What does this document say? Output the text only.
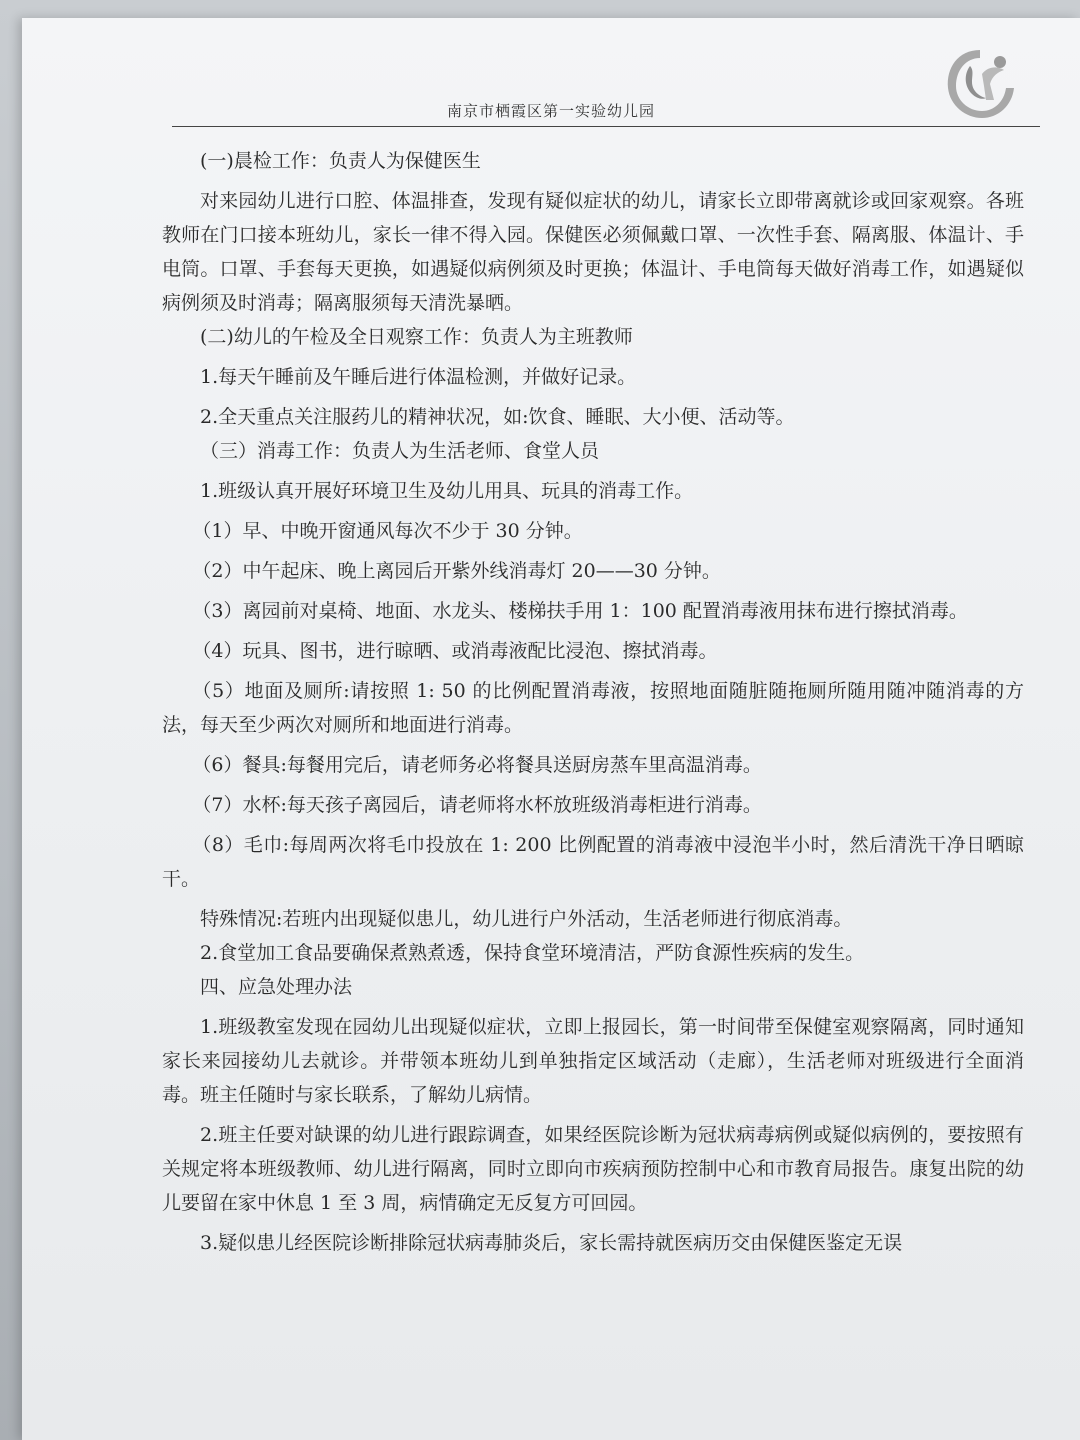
南京市栖霞区第一实验幼儿园

(一)晨检工作：负责人为保健医生

对来园幼儿进行口腔、体温排查，发现有疑似症状的幼儿，请家长立即带离就诊或回家观察。各班教师在门口接本班幼儿，家长一律不得入园。保健医必须佩戴口罩、一次性手套、隔离服、体温计、手电筒。口罩、手套每天更换，如遇疑似病例须及时更换；体温计、手电筒每天做好消毒工作，如遇疑似病例须及时消毒；隔离服须每天清洗暴晒。

(二)幼儿的午检及全日观察工作：负责人为主班教师

1.每天午睡前及午睡后进行体温检测，并做好记录。

2.全天重点关注服药儿的精神状况，如:饮食、睡眠、大小便、活动等。

（三）消毒工作：负责人为生活老师、食堂人员

1.班级认真开展好环境卫生及幼儿用具、玩具的消毒工作。

（1）早、中晚开窗通风每次不少于 30 分钟。

（2）中午起床、晚上离园后开紫外线消毒灯 20——30 分钟。

（3）离园前对桌椅、地面、水龙头、楼梯扶手用 1：100 配置消毒液用抹布进行擦拭消毒。

（4）玩具、图书，进行晾晒、或消毒液配比浸泡、擦拭消毒。

（5）地面及厕所:请按照 1: 50 的比例配置消毒液，按照地面随脏随拖厕所随用随冲随消毒的方法，每天至少两次对厕所和地面进行消毒。

（6）餐具:每餐用完后，请老师务必将餐具送厨房蒸车里高温消毒。

（7）水杯:每天孩子离园后，请老师将水杯放班级消毒柜进行消毒。

（8）毛巾:每周两次将毛巾投放在 1: 200 比例配置的消毒液中浸泡半小时，然后清洗干净日晒晾干。

特殊情况:若班内出现疑似患儿，幼儿进行户外活动，生活老师进行彻底消毒。

2.食堂加工食品要确保煮熟煮透，保持食堂环境清洁，严防食源性疾病的发生。

四、应急处理办法

1.班级教室发现在园幼儿出现疑似症状，立即上报园长，第一时间带至保健室观察隔离，同时通知家长来园接幼儿去就诊。并带领本班幼儿到单独指定区域活动（走廊），生活老师对班级进行全面消毒。班主任随时与家长联系，了解幼儿病情。

2.班主任要对缺课的幼儿进行跟踪调查，如果经医院诊断为冠状病毒病例或疑似病例的，要按照有关规定将本班级教师、幼儿进行隔离，同时立即向市疾病预防控制中心和市教育局报告。康复出院的幼儿要留在家中休息 1 至 3 周，病情确定无反复方可回园。

3.疑似患儿经医院诊断排除冠状病毒肺炎后，家长需持就医病历交由保健医鉴定无误
